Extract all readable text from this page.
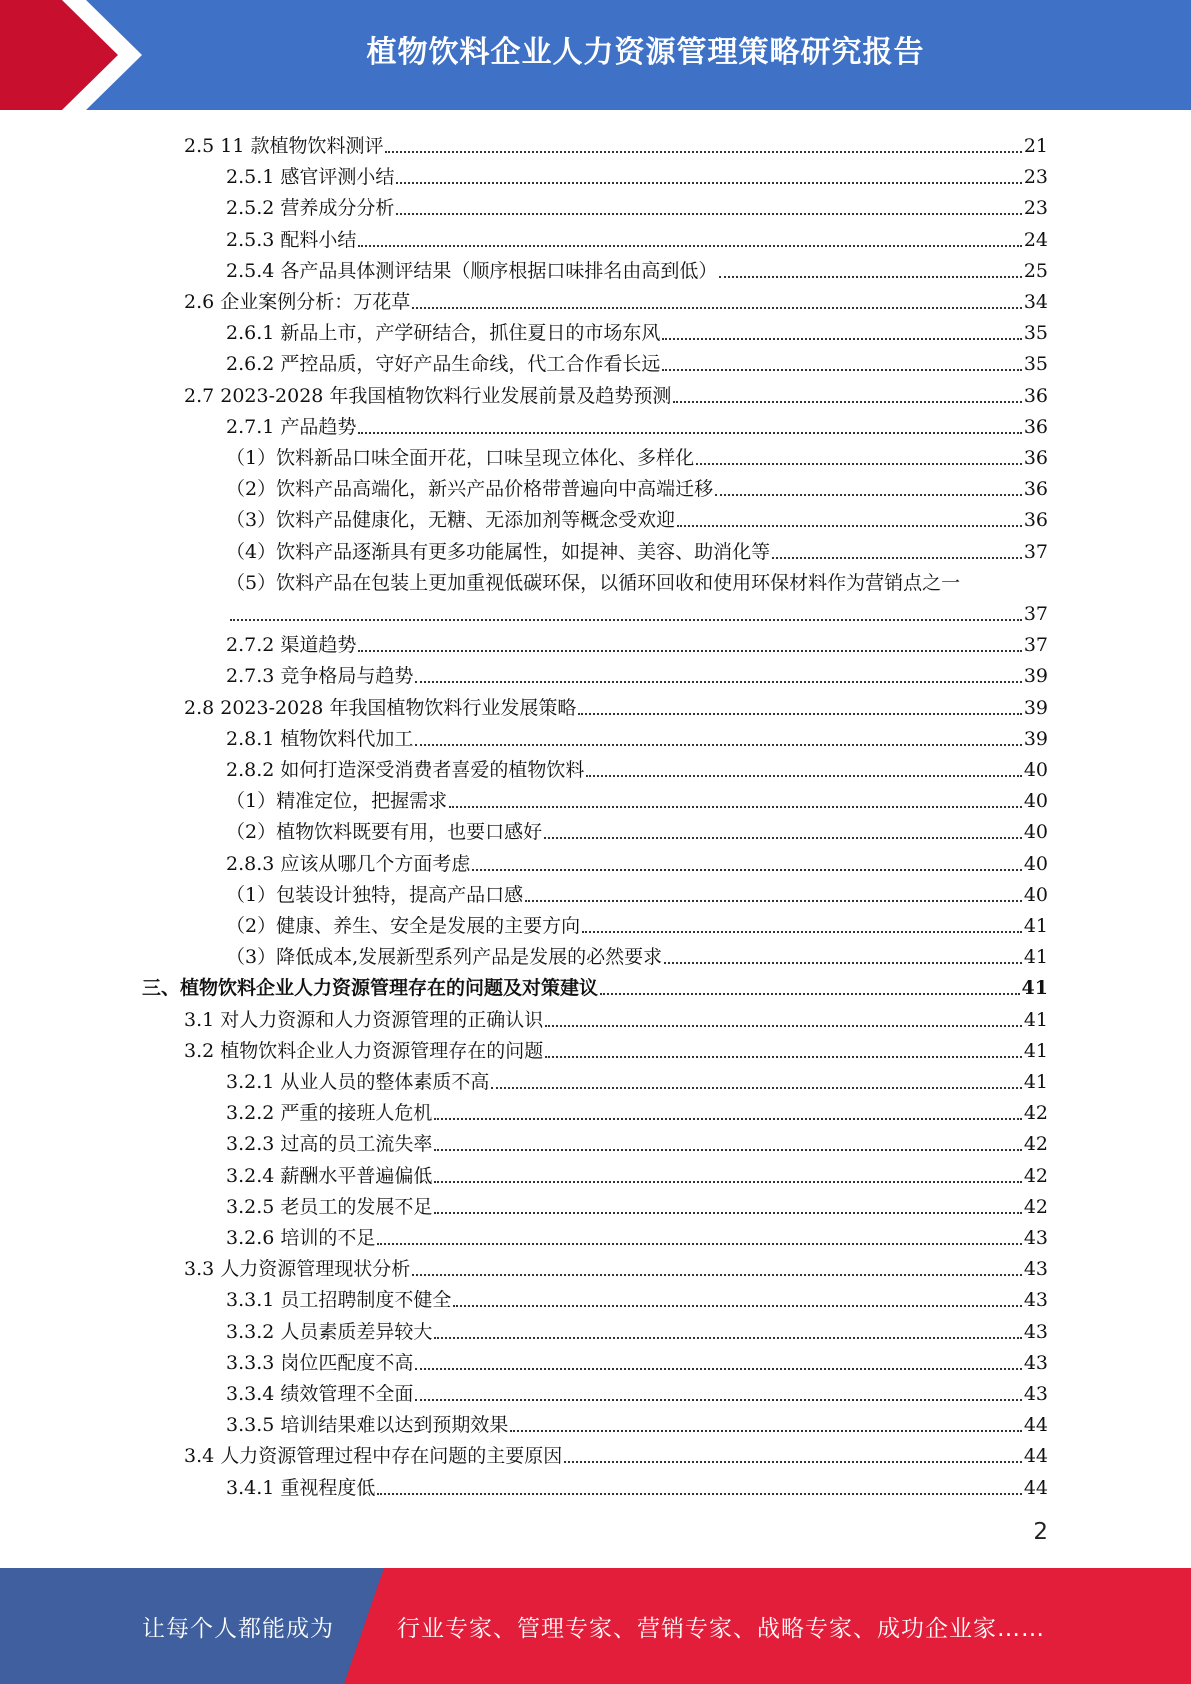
植物饮料企业人力资源管理策略研究报告
2.5 11 款植物饮料测评	21
2.5.1 感官评测小结	23
2.5.2 营养成分分析	23
2.5.3 配料小结	24
2.5.4 各产品具体测评结果（顺序根据口味排名由高到低）	25
2.6 企业案例分析：万花草	34
2.6.1 新品上市，产学研结合，抓住夏日的市场东风	35
2.6.2 严控品质，守好产品生命线，代工合作看长远	35
2.7 2023-2028 年我国植物饮料行业发展前景及趋势预测	36
2.7.1 产品趋势	36
（1）饮料新品口味全面开花，口味呈现立体化、多样化	36
（2）饮料产品高端化，新兴产品价格带普遍向中高端迁移	36
（3）饮料产品健康化，无糖、无添加剂等概念受欢迎	36
（4）饮料产品逐渐具有更多功能属性，如提神、美容、助消化等	37
（5）饮料产品在包装上更加重视低碳环保，以循环回收和使用环保材料作为营销点之一
37
2.7.2 渠道趋势	37
2.7.3 竞争格局与趋势	39
2.8 2023-2028 年我国植物饮料行业发展策略	39
2.8.1 植物饮料代加工	39
2.8.2 如何打造深受消费者喜爱的植物饮料	40
（1）精准定位，把握需求	40
（2）植物饮料既要有用，也要口感好	40
2.8.3 应该从哪几个方面考虑	40
（1）包装设计独特，提高产品口感	40
（2）健康、养生、安全是发展的主要方向	41
（3）降低成本,发展新型系列产品是发展的必然要求	41
三、植物饮料企业人力资源管理存在的问题及对策建议	41
3.1 对人力资源和人力资源管理的正确认识	41
3.2 植物饮料企业人力资源管理存在的问题	41
3.2.1 从业人员的整体素质不高	41
3.2.2 严重的接班人危机	42
3.2.3 过高的员工流失率	42
3.2.4 薪酬水平普遍偏低	42
3.2.5 老员工的发展不足	42
3.2.6 培训的不足	43
3.3 人力资源管理现状分析	43
3.3.1 员工招聘制度不健全	43
3.3.2 人员素质差异较大	43
3.3.3 岗位匹配度不高	43
3.3.4 绩效管理不全面	43
3.3.5 培训结果难以达到预期效果	44
3.4 人力资源管理过程中存在问题的主要原因	44
3.4.1 重视程度低	44
2
让每个人都能成为	行业专家、管理专家、营销专家、战略专家、成功企业家……
